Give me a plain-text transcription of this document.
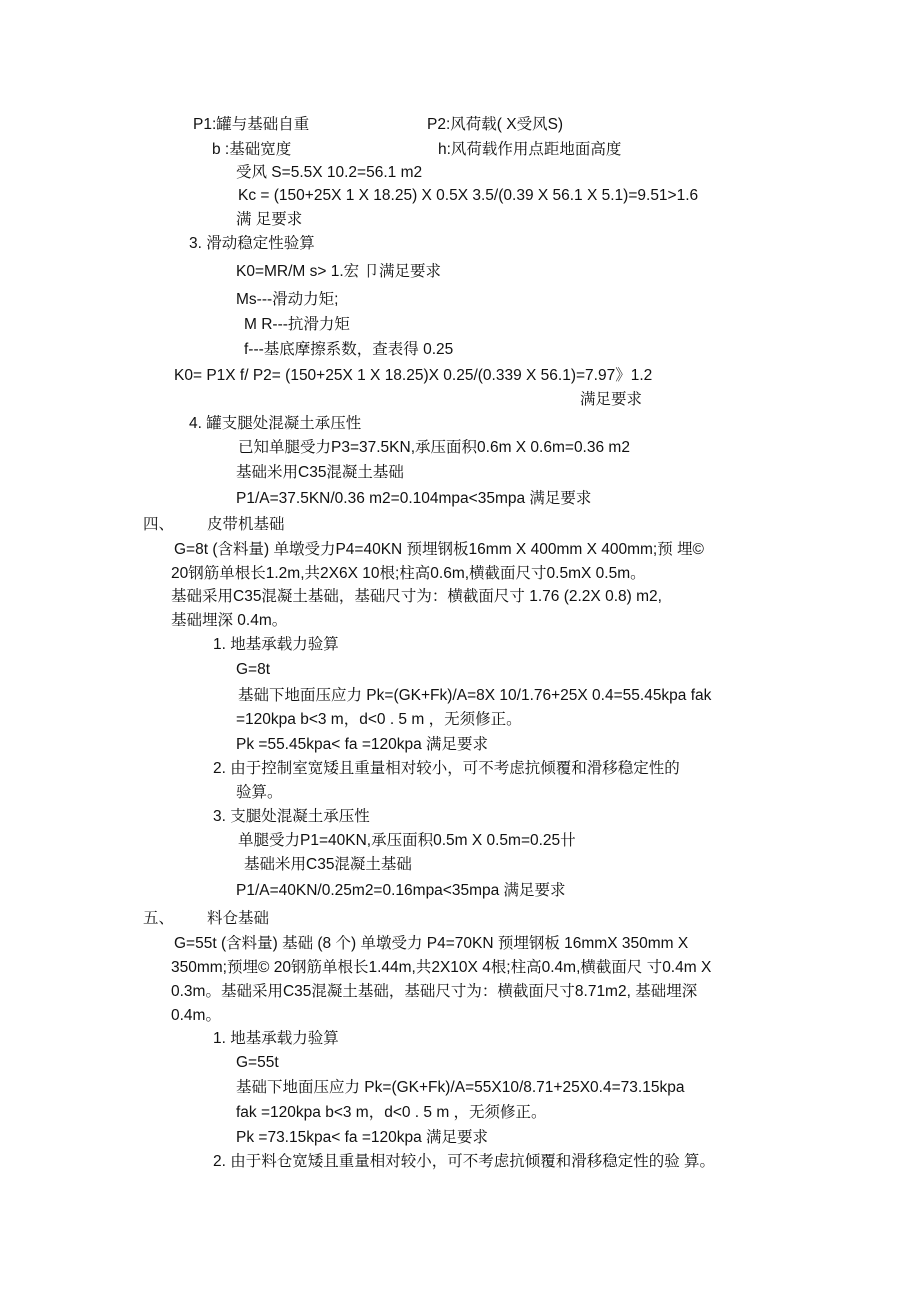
P1:罐与基础自重	P2:风荷载( X受风S)
b :基础宽度	h:风荷载作用点距地面高度
受风 S=5.5X 10.2=56.1 m2
Kc = (150+25X 1 X 18.25) X 0.5X 3.5/(0.39 X 56.1 X 5.1)=9.51>1.6
满 足要求
3. 滑动稳定性验算
K0=MR/M s> 1.宏 卩满足要求
Ms---滑动力矩;
M R---抗滑力矩
f---基底摩擦系数，查表得 0.25
K0= P1X f/ P2= (150+25X 1 X 18.25)X 0.25/(0.339 X 56.1)=7.97》1.2
满足要求
4. 罐支腿处混凝土承压性
已知单腿受力P3=37.5KN,承压面积0.6m X 0.6m=0.36 m2
基础米用C35混凝土基础
P1/A=37.5KN/0.36 m2=0.104mpa<35mpa 满足要求
四、 皮带机基础
G=8t (含料量) 单墩受力P4=40KN 预埋钢板16mm X 400mm X 400mm;预 埋©
20钢筋单根长1.2m,共2X6X 10根;柱高0.6m,横截面尺寸0.5mX 0.5m。
基础采用C35混凝土基础，基础尺寸为：横截面尺寸 1.76 (2.2X 0.8) m2,
基础埋深 0.4m。
1. 地基承载力验算
G=8t
基础下地面压应力 Pk=(GK+Fk)/A=8X 10/1.76+25X 0.4=55.45kpa fak
=120kpa b<3 m，d<0 . 5 m ，无须修正。
Pk =55.45kpa< fa =120kpa 满足要求
2. 由于控制室宽矮且重量相对较小，可不考虑抗倾覆和滑移稳定性的
验算。
3. 支腿处混凝土承压性
单腿受力P1=40KN,承压面积0.5m X 0.5m=0.25卄
基础米用C35混凝土基础
P1/A=40KN/0.25m2=0.16mpa<35mpa 满足要求
五、 料仓基础
G=55t (含料量) 基础 (8 个) 单墩受力 P4=70KN 预埋钢板 16mmX 350mm X
350mm;预埋© 20钢筋单根长1.44m,共2X10X 4根;柱高0.4m,横截面尺 寸0.4m X
0.3m。基础采用C35混凝土基础，基础尺寸为：横截面尺寸8.71m2, 基础埋深
0.4m。
1. 地基承载力验算
G=55t
基础下地面压应力 Pk=(GK+Fk)/A=55X10/8.71+25X0.4=73.15kpa
fak =120kpa b<3 m，d<0 . 5 m ，无须修正。
Pk =73.15kpa< fa =120kpa 满足要求
2. 由于料仓宽矮且重量相对较小，可不考虑抗倾覆和滑移稳定性的验 算。
